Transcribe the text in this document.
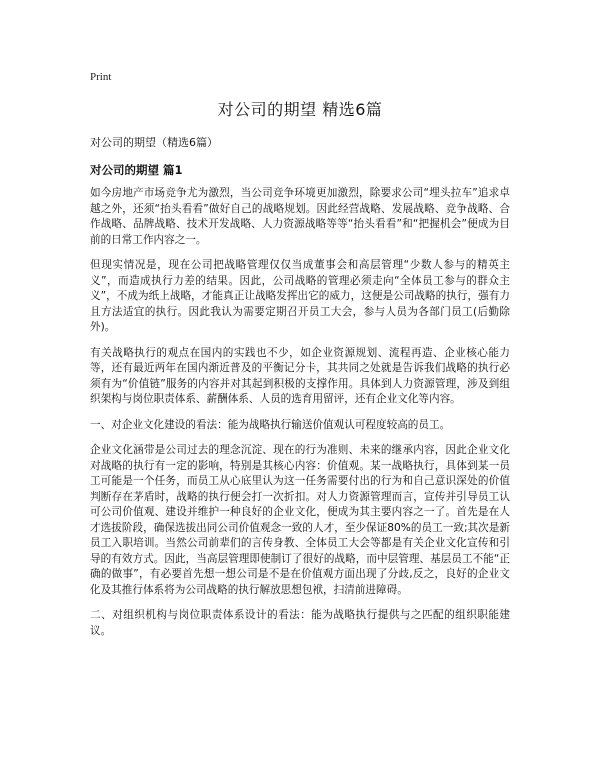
Print
对公司的期望 精选6篇

对公司的期望（精选6篇）

对公司的期望 篇1

如今房地产市场竞争尤为激烈，当公司竞争环境更加激烈，除要求公司“埋头拉车”追求卓越之外，还须“抬头看看”做好自己的战略规划。因此经营战略、发展战略、竞争战略、合作战略、品牌战略、技术开发战略、人力资源战略等等“抬头看看”和“把握机会”便成为目前的日常工作内容之一。

但现实情况是，现在公司把战略管理仅仅当成董事会和高层管理“少数人参与的精英主义”，而造成执行力差的结果。因此，公司战略的管理必须走向“全体员工参与的群众主义”，不成为纸上战略，才能真正让战略发挥出它的威力，这便是公司战略的执行，强有力且方法适宜的执行。因此我认为需要定期召开员工大会，参与人员为各部门员工(后勤除外)。

有关战略执行的观点在国内的实践也不少，如企业资源规划、流程再造、企业核心能力等，还有最近两年在国内渐近普及的平衡记分卡，其共同之处就是告诉我们战略的执行必须有为“价值链”服务的内容并对其起到积极的支撑作用。具体到人力资源管理，涉及到组织架构与岗位职责体系、薪酬体系、人员的选育用留评，还有企业文化等内容。

一、对企业文化建设的看法：能为战略执行输送价值观认可程度较高的员工。

企业文化涵带是公司过去的理念沉淀、现在的行为准则、未来的继承内容，因此企业文化对战略的执行有一定的影响，特别是其核心内容：价值观。某一战略执行，具体到某一员工可能是一个任务，而员工从心底里认为这一任务需要付出的行为和自己意识深处的价值判断存在茅盾时，战略的执行便会打一次折扣。对人力资源管理而言，宣传并引导员工认可公司价值观、建设并维护一种良好的企业文化，便成为其主要内容之一了。首先是在人才选拔阶段，确保选拔出同公司价值观念一致的人才，至少保证80%的员工一致;其次是新员工入职培训。当然公司前辈们的言传身教、全体员工大会等都是有关企业文化宣传和引导的有效方式。因此，当高层管理即使制订了很好的战略，而中层管理、基层员工不能“正确的做事”，有必要首先想一想公司是不是在价值观方面出现了分歧,反之，良好的企业文化及其推行体系将为公司战略的执行解放思想包袱，扫清前进障碍。

二、对组织机构与岗位职责体系设计的看法：能为战略执行提供与之匹配的组织职能建议。
